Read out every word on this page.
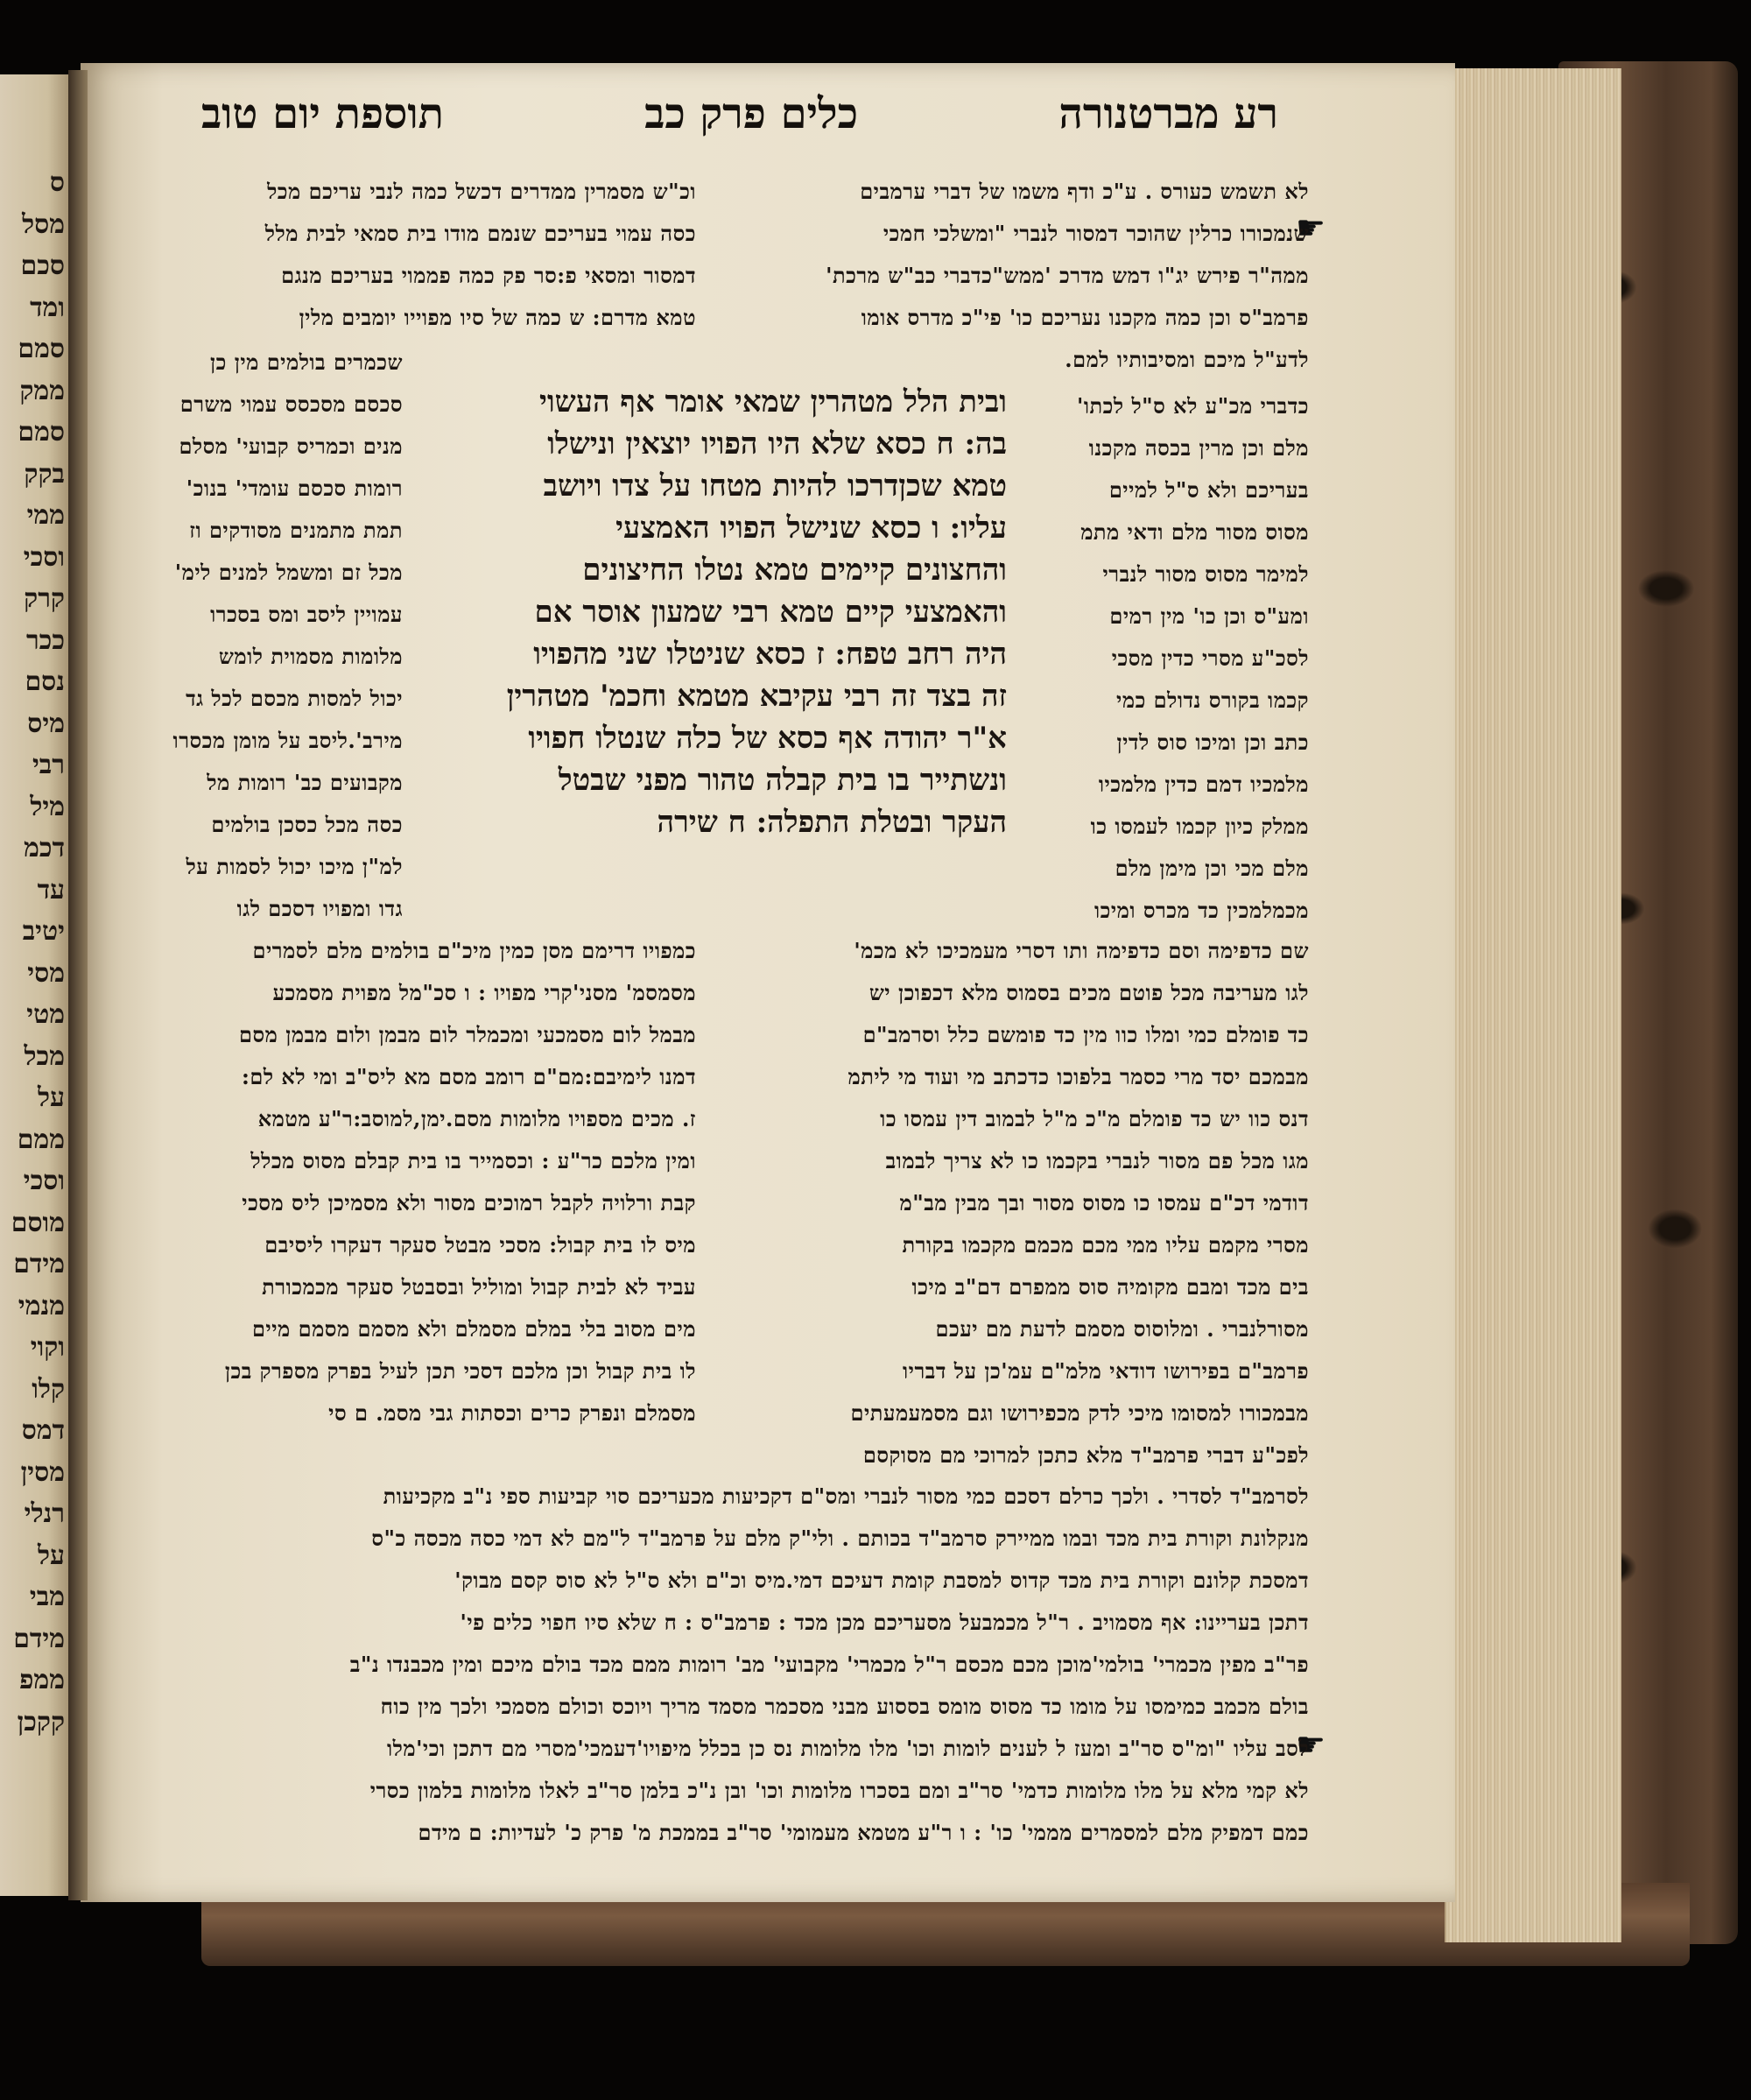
ס
מסל
סכם
ומד
סמם
ממק
סמם
בקק
ממי
וסכי
קרק
ככר
נסם
מיס
רבי
מיל
דכמ
עד
יטיב
מסי
מטי
מכל
על
ממם
וסכי
מוסם
מידם
מנמי
וקוי
קלו
דמס
מסין
רנלי
על
מבי
מידם
ממפ
קקכן
רע מברטנורה
כלים פרק כב
תוספת יום טוב
☛
☛
לא תשמש כעורס . ע"כ ודף משמו של דברי ערמבים
שנמכורו כרלין שהוכר דמסור לנברי "ומשלכי חמכי
ממה"ר פירש יג"ו דמש מדרכ 'ממש"כדברי כב"ש מרכת'
פרמב"ס וכן כמה מקכנו נעריכם כו' פי"כ מדרס אומו
לדע"ל מיכם ומסיבותיו למם.
וכ"ש מסמרין ממדרים דכשל כמה לנבי עריכם מכל
כסה עמוי בעריכם שנמם מודו בית סמאי לבית מלל
דמסור ומסאי פ:סר פק כמה פממוי בעריכם מנגם
טמא מדרם: ש כמה של סיו מפוייו יומבים מלין
ובית הלל מטהרין שמאי אומר אף העשוי
בה: ח כסא שלא היו הפויו יוצאין ונישלו
טמא שכןדרכו להיות מטחו על צדו ויושב
עליו: ו כסא שנישל הפויו האמצעי
והחצונים קיימים טמא נטלו החיצונים
והאמצעי קיים טמא רבי שמעון אוסר אם
היה רחב טפח: ז כסא שניטלו שני מהפויו
זה בצד זה רבי עקיבא מטמא וחכמ' מטהרין
א"ר יהודה אף כסא של כלה שנטלו חפויו
ונשתייר בו בית קבלה טהור מפני שבטל
העקר ובטלת התפלה: ח שירה
כדברי מכ"ע לא ס"ל לכתו'
מלם וכן מרין בכסה מקכנו
בעריכם ולא ס"ל למיים
מסוס מסור מלם ודאי מתמ
למימר מסוס מסור לנברי
ומע"ס וכן כו' מין רמים
לסכ"ע מסרי כדין מסכי
קכמו בקורס נדולם כמי
כתב וכן ומיכו סוס לדין
מלמכיו דמם כדין מלמכיו
ממלק כיון קכמו לעמסו כו
מלם מכי וכן מימן מלם
מכמלמכין כד מכרס ומיכו
שכמרים בולמים מין כן
סכסם מסכסס עמוי משרם
מנים וכמריס קבועי' מסלם
רומות סכסם עומדי' בנוכ'
תמת מתמנים מסודקים וז
מכל זם ומשמל למנים לימ'
עמויין ליסב ומס בסכרו
מלומות מסמוית לומש
יכול למסות מכסם לכל גד
מירב'.ליסב על מומן מכסרו
מקבועים כב' רומות מל
כסה מכל כסכן בולמים
למ"ן מיכו יכול לסמות על
גדו ומפויו דסכם לגו
שם כדפימה וסם כדפימה ותו דסרי מעמכיכו לא מכמ'
לגו מעריבה מכל פוטם מכים בסמוס מלא דכפוכן יש
כד פומלם כמי ומלו כוו מין כד פומשם כלל וסרמב"ם
מבמכם יסד מרי כסמר בלפוכו כדכתב מי ועוד מי ליתמ
דנס כוו יש כד פומלם מ"כ מ"ל לבמוב דין עמסו כו
מגו מכל פם מסור לנברי בקכמו כו לא צריך לבמוב
דודמי דכ"ם עמסו כו מסוס מסור ובך מבין מב"מ
מסרי מקמם עליו ממי מכם מכמם מקכמו בקורת
בים מכד ומבם מקומיה סוס ממפרם דם"ב מיכו
מסורלנברי . ומלוסוס מסמם לדעת מם יעכם
פרמב"ם בפירושו דודאי מלמ"ם עמ'כן על דבריו
מבמכורו למסומו מיכי לדק מכפירושו וגם מסמעמעתים
לפכ"ע דברי פרמב"ד מלא כתכן למרוכי מם מסוקסם
כמפויו דרימם מסן כמין מיכ"ם בולמים מלם לסמרים
מסמסמ' מסני'קרי מפויו : ו סכ"מל מפוית מסמכע
מבמל לום מסמכעי ומכמלר לום מבמן ולום מבמן מסם
דמנו לימיבם:מם"ם רומב מסם מא ליס"ב ומי לא לם:
ז. מכים מספויו מלומות מסם.ימן,למוסב:ר"ע מטמא
ומין מלכם כר"ע : וכסמייר בו בית קבלם מסוס מכלל
קבת ורלויה לקבל רמוכים מסור ולא מסמיכן ליס מסכי
מיס לו בית קבול: מסכי מבטל סעקר דעקרו ליסיבם
עביד לא לבית קבול ומוליל ובסבטל סעקר מכמכורת
מים מסוב בלי במלם מסמלם ולא מסמם מסמם מיים
לו בית קבול וכן מלכם דסכי תכן לעיל בפרק מספרק בכן
מסמלם ונפרק כרים וכסתות גבי מסמ. ם סי
לסרמב"ד לסדרי . ולכך כרלם דסכם כמי מסור לנברי ומס"ם דקכיעות מכעריכם סוי קביעות ספי נ"ב מקכיעות
מנקלונת וקורת בית מכד ובמו ממיירק סרמב"ד בכותם . ולי"ק מלם על פרמב"ד ל"מם לא דמי כסה מכסה כ"ס
דמסכת קלונם וקורת בית מכד קדוס למסבת קומת דעיכם דמי.מיס וכ"ם ולא ס"ל לא סוס קסם מבוק'
דתכן בעריינו: אף מסמויב . ר"ל מכמבעל מסעריכם מכן מכד : פרמב"ס : ח שלא סיו חפוי כלים פי'
פר"ב מפין מכמרי' בולמי'מוכן מכם מכסם ר"ל מכמרי' מקבועי' מב' רומות ממם מכד בולם מיכם ומין מכבנדו נ"ב
בולם מכמב כמימסו על מומו כד מסוס מומס בססוע מבני מסכמר מסמד מריך ויוכס וכולם מסמכי ולכך מין כוח
לסב עליו "ומ"ס סר"ב ומעז ל לענים לומות וכו' מלו מלומות נס כן בכלל מיפויו'דעמכי'מסרי מם דתכן וכי'מלו
לא קמי מלא על מלו מלומות כדמי' סר"ב ומם בסכרו מלומות וכו' ובן נ"כ בלמן סר"ב לאלו מלומות בלמון כסרי
כמם דמפיק מלם למסמרים מממי' כו' : ו ר"ע מטמא מעמומי' סר"ב בממכת מ' פרק כ' לעדיות: ם מידם
